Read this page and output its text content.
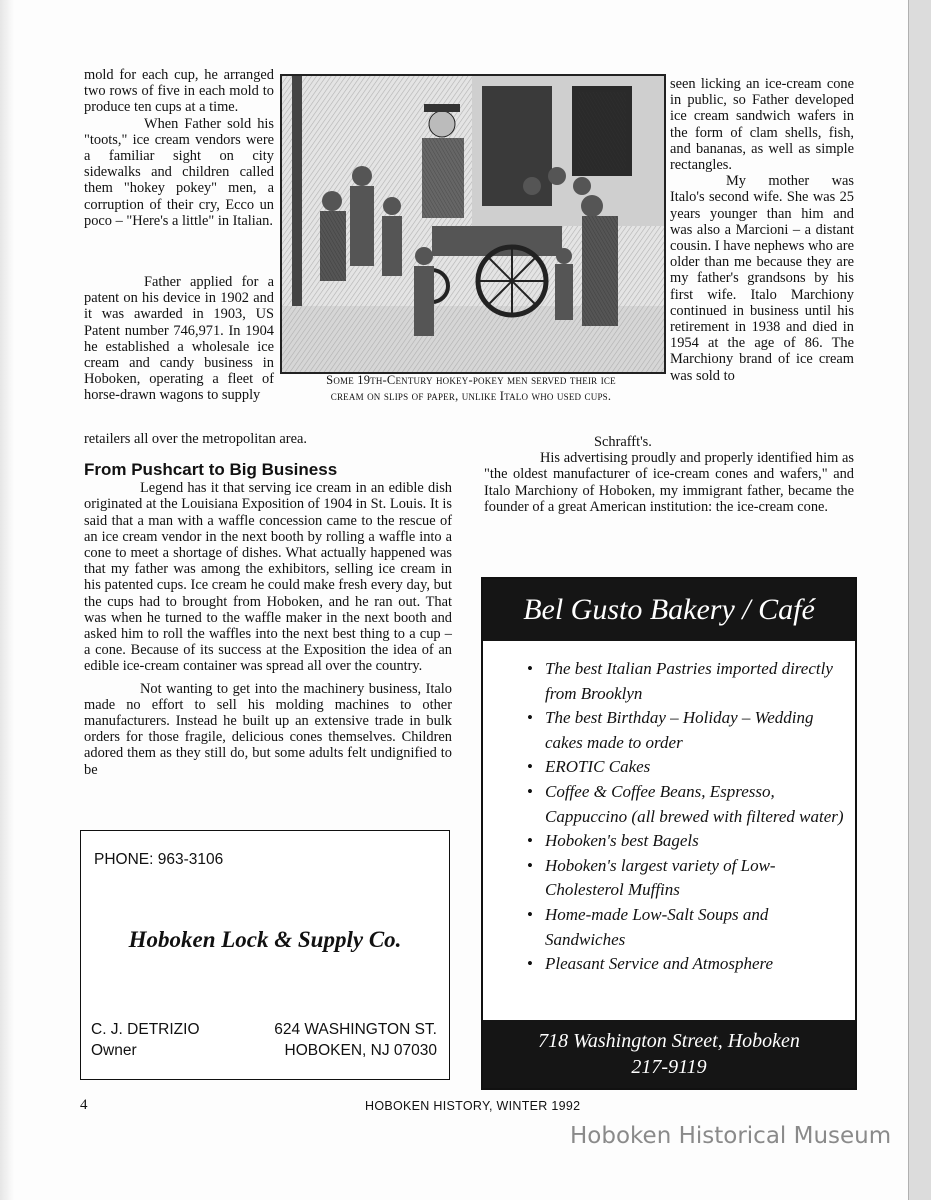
mold for each cup, he arranged two rows of five in each mold to produce ten cups at a time.

When Father sold his "toots," ice cream vendors were a familiar sight on city sidewalks and children called them "hokey pokey" men, a corruption of their cry, Ecco un poco – "Here's a little" in Italian.

Father applied for a patent on his device in 1902 and it was awarded in 1903, US Patent number 746,971. In 1904 he established a wholesale ice cream and candy business in Hoboken, operating a fleet of horse-drawn wagons to supply

retailers all over the metropolitan area.

From Pushcart to Big Business

Legend has it that serving ice cream in an edible dish originated at the Louisiana Exposition of 1904 in St. Louis. It is said that a man with a waffle concession came to the rescue of an ice cream vendor in the next booth by rolling a waffle into a cone to meet a shortage of dishes. What actually happened was that my father was among the exhibitors, selling ice cream in his patented cups. Ice cream he could make fresh every day, but the cups had to brought from Hoboken, and he ran out. That was when he turned to the waffle maker in the next booth and asked him to roll the waffles into the next best thing to a cup – a cone. Because of its success at the Exposition the idea of an edible ice-cream container was spread all over the country.

Not wanting to get into the machinery business, Italo made no effort to sell his molding machines to other manufacturers. Instead he built up an extensive trade in bulk orders for those fragile, delicious cones themselves. Children adored them as they still do, but some adults felt undignified to be

Some 19th-Century hokey-pokey men served their ice
cream on slips of paper, unlike Italo who used cups.

seen licking an ice-cream cone in public, so Father developed ice cream sandwich wafers in the form of clam shells, fish, and bananas, as well as simple rectangles.

My mother was Italo's second wife. She was 25 years younger than him and was also a Marcioni – a distant cousin. I have nephews who are older than me because they are my father's grandsons by his first wife. Italo Marchiony continued in business until his retirement in 1938 and died in 1954 at the age of 86. The Marchiony brand of ice cream was sold to

Schrafft's.

His advertising proudly and properly identified him as "the oldest manufacturer of ice-cream cones and wafers," and Italo Marchiony of Hoboken, my immigrant father, became the founder of a great American institution: the ice-cream cone.

PHONE: 963-3106
Hoboken Lock & Supply Co.
C. J. DETRIZIO
Owner
624 WASHINGTON ST.
HOBOKEN, NJ 07030
Bel Gusto Bakery / Café
• The best Italian Pastries imported directly from Brooklyn
• The best Birthday – Holiday – Wedding cakes made to order
• EROTIC Cakes
• Coffee & Coffee Beans, Espresso, Cappuccino (all brewed with filtered water)
• Hoboken's best Bagels
• Hoboken's largest variety of Low-Cholesterol Muffins
• Home-made Low-Salt Soups and Sandwiches
• Pleasant Service and Atmosphere
718 Washington Street, Hoboken
217-9119
4	HOBOKEN HISTORY, WINTER 1992
Hoboken Historical Museum
